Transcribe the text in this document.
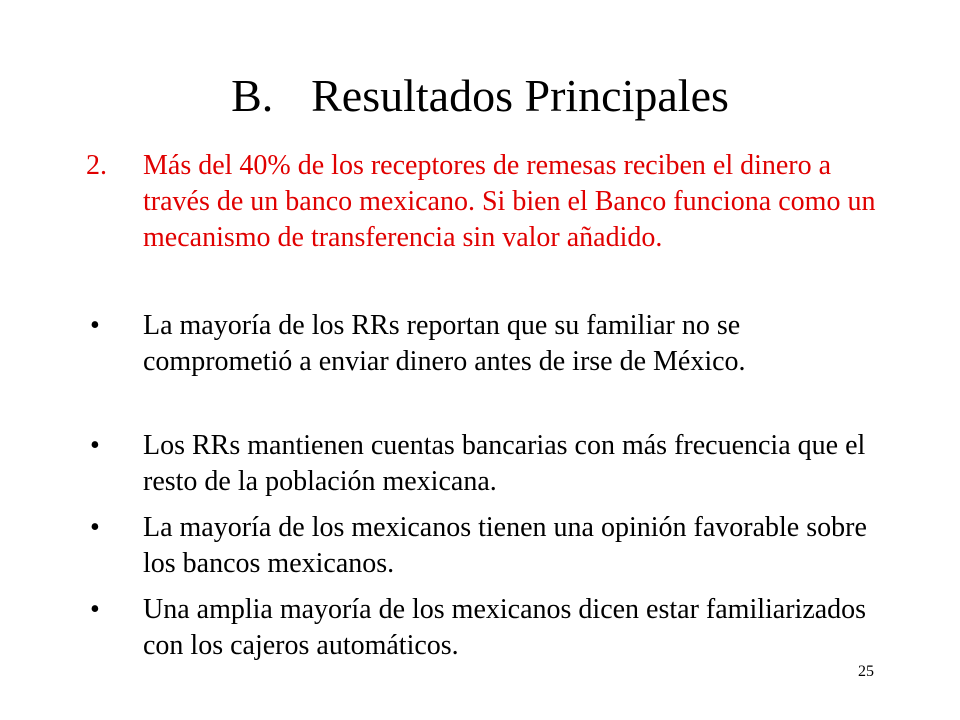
B. Resultados Principales
2.	Más del 40% de los receptores de remesas reciben el dinero a través de un banco mexicano. Si bien el Banco funciona como un mecanismo de transferencia sin valor añadido.
•	La mayoría de los RRs reportan que su familiar no se comprometió a enviar dinero antes de irse de México.
•	Los RRs mantienen cuentas bancarias con más frecuencia que el resto de la población mexicana.
•	La mayoría de los mexicanos tienen una opinión favorable sobre los bancos mexicanos.
•	Una amplia mayoría de los mexicanos dicen estar familiarizados con los cajeros automáticos.
25
